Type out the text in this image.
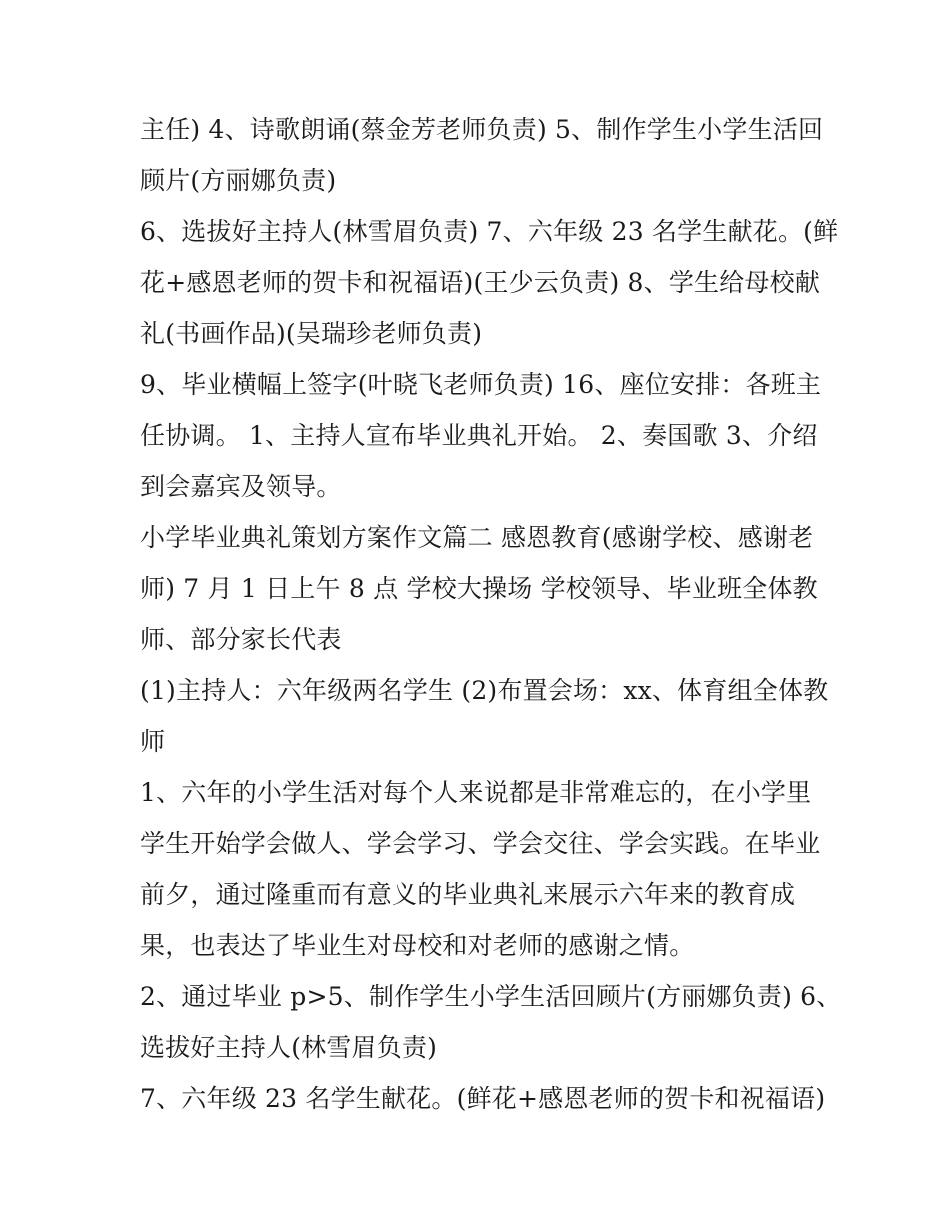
主任) 4、诗歌朗诵(蔡金芳老师负责) 5、制作学生小学生活回
顾片(方丽娜负责)

6、选拔好主持人(林雪眉负责) 7、六年级 23 名学生献花。(鲜
花+感恩老师的贺卡和祝福语)(王少云负责) 8、学生给母校献
礼(书画作品)(吴瑞珍老师负责)

9、毕业横幅上签字(叶晓飞老师负责) 16、座位安排：各班主
任协调。 1、主持人宣布毕业典礼开始。 2、奏国歌 3、介绍
到会嘉宾及领导。

小学毕业典礼策划方案作文篇二 感恩教育(感谢学校、感谢老
师) 7 月 1 日上午 8 点 学校大操场 学校领导、毕业班全体教
师、部分家长代表

(1)主持人：六年级两名学生 (2)布置会场：xx、体育组全体教
师

1、六年的小学生活对每个人来说都是非常难忘的，在小学里
学生开始学会做人、学会学习、学会交往、学会实践。在毕业
前夕，通过隆重而有意义的毕业典礼来展示六年来的教育成
果，也表达了毕业生对母校和对老师的感谢之情。

2、通过毕业 p>5、制作学生小学生活回顾片(方丽娜负责) 6、
选拔好主持人(林雪眉负责)

7、六年级 23 名学生献花。(鲜花+感恩老师的贺卡和祝福语)
